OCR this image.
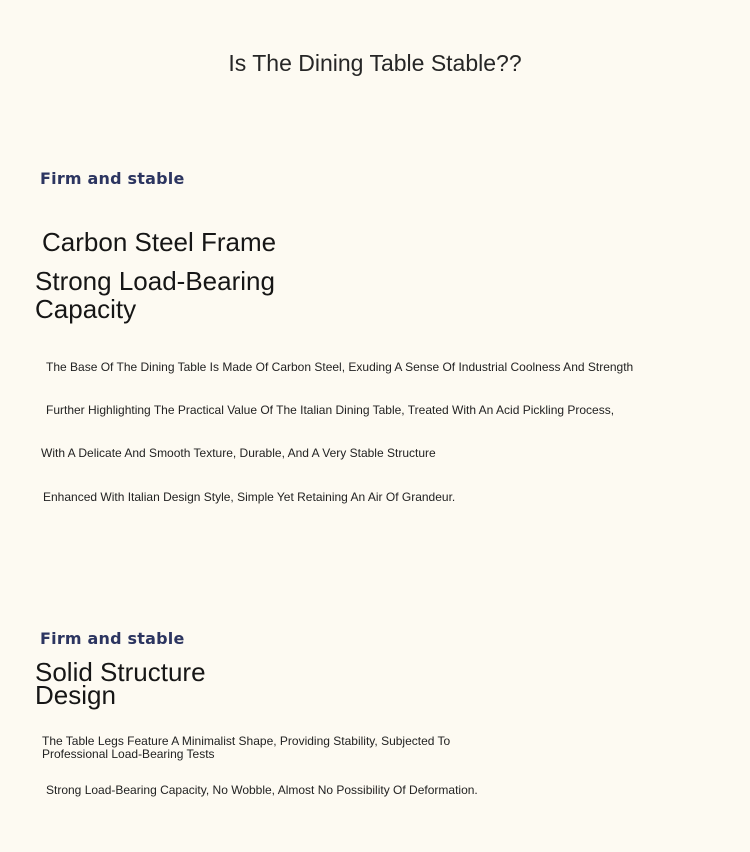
Is The Dining Table Stable??
Firm and stable
Carbon Steel Frame
Strong Load-Bearing
Capacity
The Base Of The Dining Table Is Made Of Carbon Steel, Exuding A Sense Of Industrial Coolness And Strength
Further Highlighting The Practical Value Of The Italian Dining Table, Treated With An Acid Pickling Process,
With A Delicate And Smooth Texture, Durable, And A Very Stable Structure
Enhanced With Italian Design Style, Simple Yet Retaining An Air Of Grandeur.
Firm and stable
Solid Structure
Design
The Table Legs Feature A Minimalist Shape, Providing Stability, Subjected To
Professional Load-Bearing Tests
Strong Load-Bearing Capacity, No Wobble, Almost No Possibility Of Deformation.
